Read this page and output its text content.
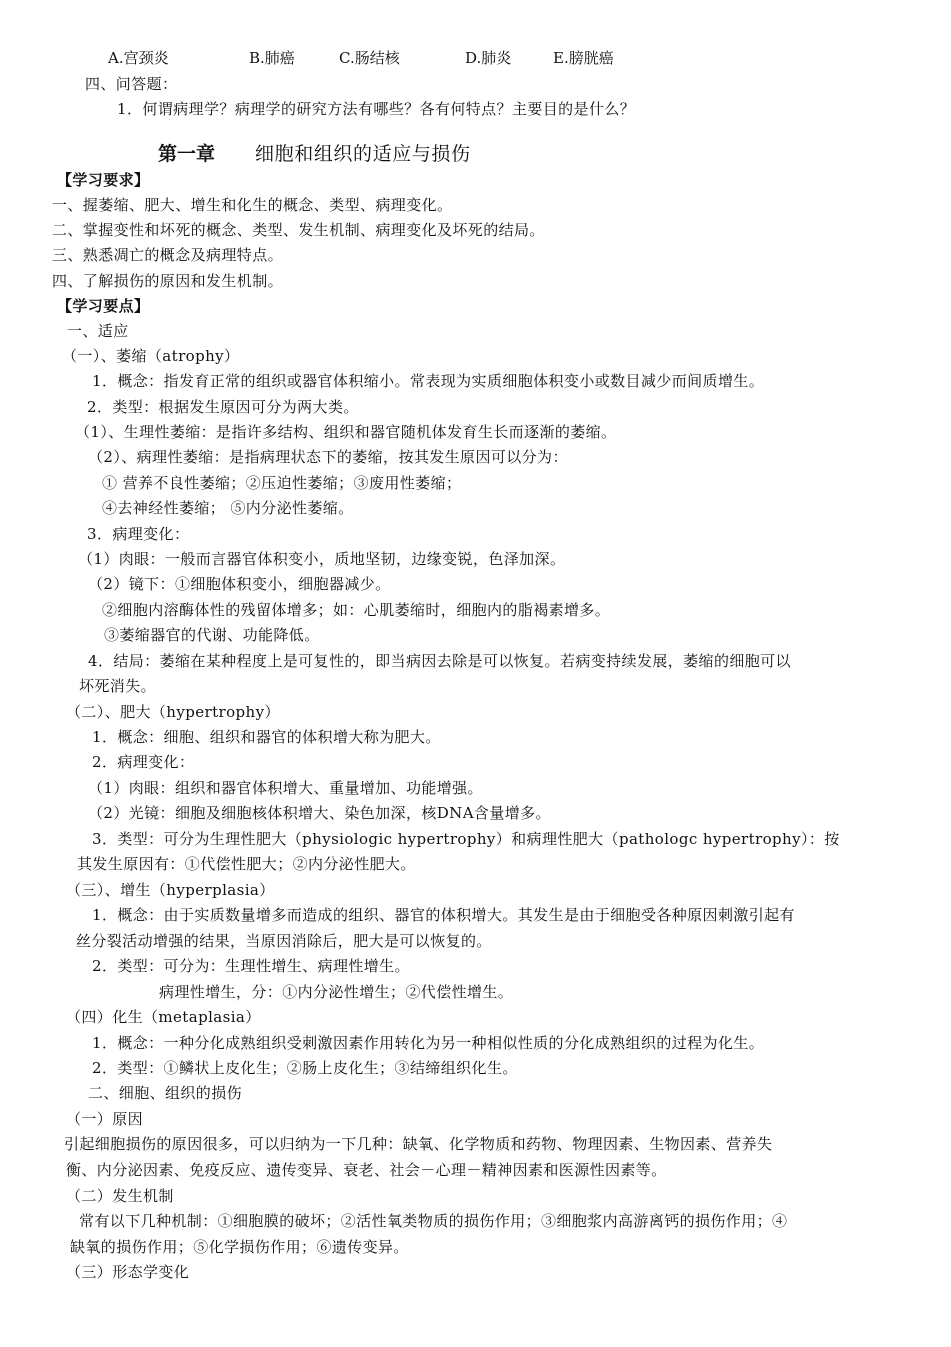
A.宫颈炎	B.肺癌	C.肠结核	D.肺炎	E.膀胱癌
四、问答题：
1．何谓病理学？病理学的研究方法有哪些？各有何特点？主要目的是什么？
第一章 细胞和组织的适应与损伤
【学习要求】
一、握萎缩、肥大、增生和化生的概念、类型、病理变化。
二、掌握变性和坏死的概念、类型、发生机制、病理变化及坏死的结局。
三、熟悉凋亡的概念及病理特点。
四、了解损伤的原因和发生机制。
【学习要点】
一、适应
（一）、萎缩（atrophy）
1．概念：指发育正常的组织或器官体积缩小。常表现为实质细胞体积变小或数目减少而间质增生。
2．类型：根据发生原因可分为两大类。
（1）、生理性萎缩：是指许多结构、组织和器官随机体发育生长而逐渐的萎缩。
（2）、病理性萎缩：是指病理状态下的萎缩，按其发生原因可以分为：
① 营养不良性萎缩；②压迫性萎缩；③废用性萎缩；
④去神经性萎缩； ⑤内分泌性萎缩。
3．病理变化：
（1）肉眼：一般而言器官体积变小，质地坚韧，边缘变锐，色泽加深。
（2）镜下：①细胞体积变小，细胞器减少。
②细胞内溶酶体性的残留体增多；如：心肌萎缩时，细胞内的脂褐素增多。
③萎缩器官的代谢、功能降低。
4．结局：萎缩在某种程度上是可复性的，即当病因去除是可以恢复。若病变持续发展，萎缩的细胞可以
坏死消失。
（二）、肥大（hypertrophy）
1．概念：细胞、组织和器官的体积增大称为肥大。
2．病理变化：
（1）肉眼：组织和器官体积增大、重量增加、功能增强。
（2）光镜：细胞及细胞核体积增大、染色加深，核DNA含量增多。
3．类型：可分为生理性肥大（physiologic hypertrophy）和病理性肥大（pathologc hypertrophy）：按
其发生原因有：①代偿性肥大；②内分泌性肥大。
（三）、增生（hyperplasia）
1．概念：由于实质数量增多而造成的组织、器官的体积增大。其发生是由于细胞受各种原因刺激引起有
丝分裂活动增强的结果，当原因消除后，肥大是可以恢复的。
2．类型：可分为：生理性增生、病理性增生。
病理性增生，分：①内分泌性增生；②代偿性增生。
（四）化生（metaplasia）
1．概念：一种分化成熟组织受刺激因素作用转化为另一种相似性质的分化成熟组织的过程为化生。
2．类型：①鳞状上皮化生；②肠上皮化生；③结缔组织化生。
二、细胞、组织的损伤
（一）原因
引起细胞损伤的原因很多，可以归纳为一下几种：缺氧、化学物质和药物、物理因素、生物因素、营养失
衡、内分泌因素、免疫反应、遗传变异、衰老、社会－心理－精神因素和医源性因素等。
（二）发生机制
常有以下几种机制：①细胞膜的破坏；②活性氧类物质的损伤作用；③细胞浆内高游离钙的损伤作用；④
缺氧的损伤作用；⑤化学损伤作用；⑥遗传变异。
（三）形态学变化
